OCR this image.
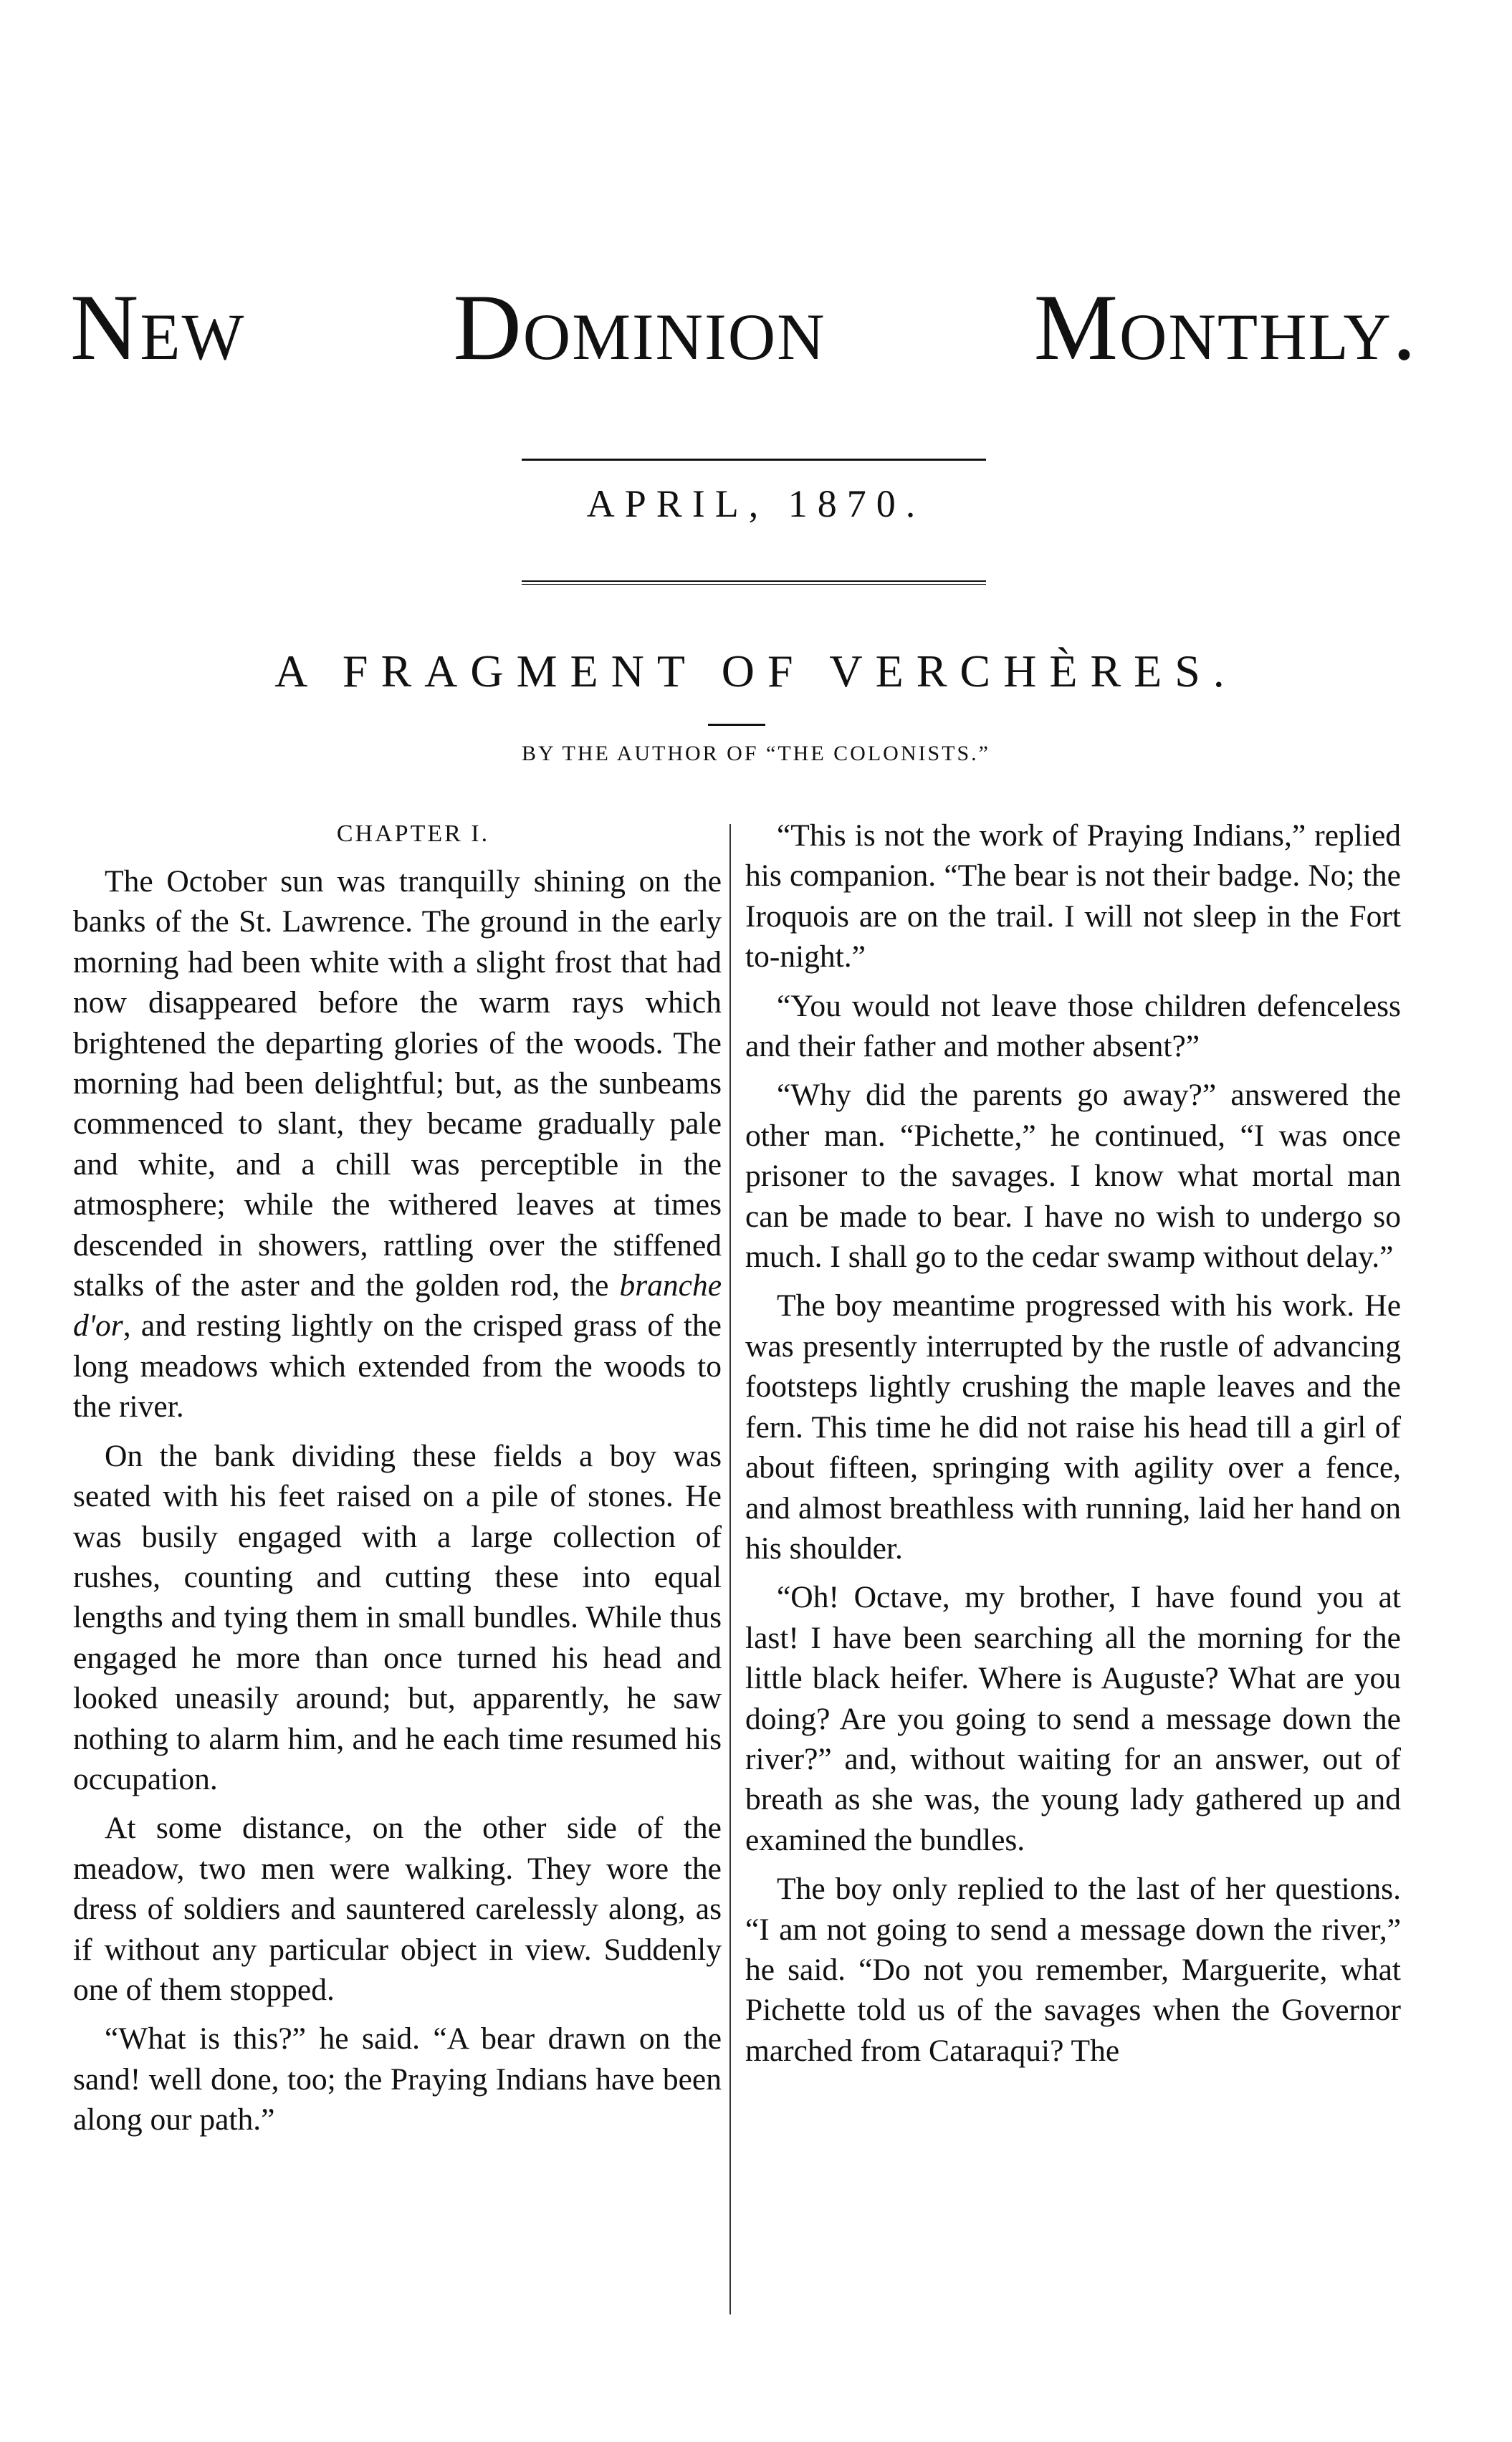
New Dominion Monthly.
APRIL, 1870.
A FRAGMENT OF VERCHÈRES.
BY THE AUTHOR OF “THE COLONISTS.”

CHAPTER I.

The October sun was tranquilly shining on the banks of the St. Lawrence. The ground in the early morning had been white with a slight frost that had now disappeared before the warm rays which brightened the departing glories of the woods. The morning had been delightful; but, as the sunbeams commenced to slant, they became gradually pale and white, and a chill was perceptible in the atmosphere; while the withered leaves at times descended in showers, rattling over the stiffened stalks of the aster and the golden rod, the branche d'or, and resting lightly on the crisped grass of the long meadows which extended from the woods to the river.

On the bank dividing these fields a boy was seated with his feet raised on a pile of stones. He was busily engaged with a large collection of rushes, counting and cutting these into equal lengths and tying them in small bundles. While thus engaged he more than once turned his head and looked uneasily around; but, apparently, he saw nothing to alarm him, and he each time resumed his occupation.

At some distance, on the other side of the meadow, two men were walking. They wore the dress of soldiers and sauntered carelessly along, as if without any particular object in view. Suddenly one of them stopped.

“What is this?” he said. “A bear drawn on the sand! well done, too; the Praying Indians have been along our path.”

“This is not the work of Praying Indians,” replied his companion. “The bear is not their badge. No; the Iroquois are on the trail. I will not sleep in the Fort to-night.”

“You would not leave those children defenceless and their father and mother absent?”

“Why did the parents go away?” answered the other man. “Pichette,” he continued, “I was once prisoner to the savages. I know what mortal man can be made to bear. I have no wish to undergo so much. I shall go to the cedar swamp without delay.”

The boy meantime progressed with his work. He was presently interrupted by the rustle of advancing footsteps lightly crushing the maple leaves and the fern. This time he did not raise his head till a girl of about fifteen, springing with agility over a fence, and almost breathless with running, laid her hand on his shoulder.

“Oh! Octave, my brother, I have found you at last! I have been searching all the morning for the little black heifer. Where is Auguste? What are you doing? Are you going to send a message down the river?” and, without waiting for an answer, out of breath as she was, the young lady gathered up and examined the bundles.

The boy only replied to the last of her questions. “I am not going to send a message down the river,” he said. “Do not you remember, Marguerite, what Pichette told us of the savages when the Governor marched from Cataraqui? The
